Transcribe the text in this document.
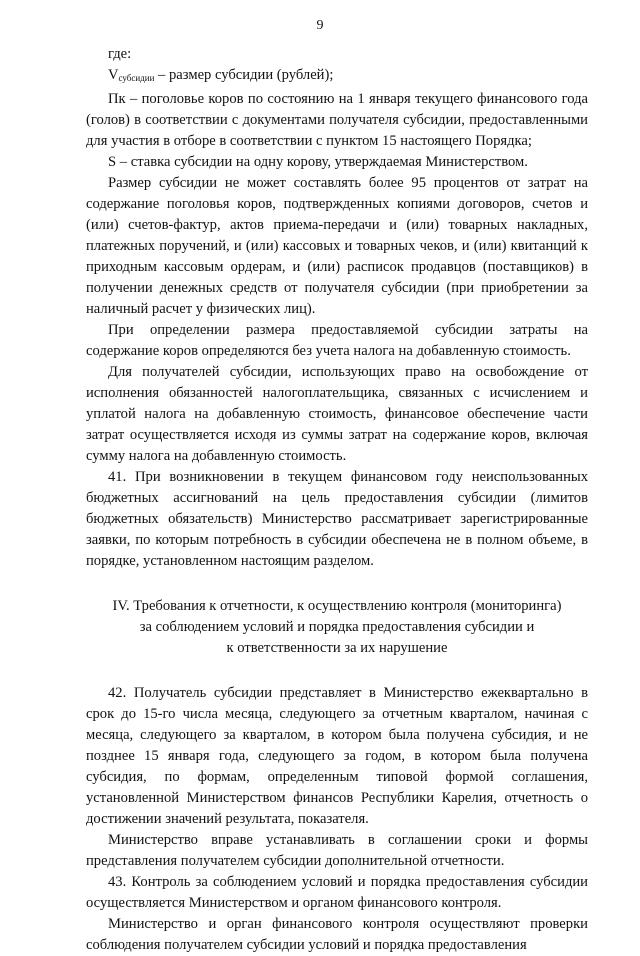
9

где:

$V_{субсидии}$ – размер субсидии (рублей);

Пк – поголовье коров по состоянию на 1 января текущего финансового года (голов) в соответствии с документами получателя субсидии, предоставленными для участия в отборе в соответствии с пунктом 15 настоящего Порядка;

S – ставка субсидии на одну корову, утверждаемая Министерством.

Размер субсидии не может составлять более 95 процентов от затрат на содержание поголовья коров, подтвержденных копиями договоров, счетов и (или) счетов-фактур, актов приема-передачи и (или) товарных накладных, платежных поручений, и (или) кассовых и товарных чеков, и (или) квитанций к приходным кассовым ордерам, и (или) расписок продавцов (поставщиков) в получении денежных средств от получателя субсидии (при приобретении за наличный расчет у физических лиц).

При определении размера предоставляемой субсидии затраты на содержание коров определяются без учета налога на добавленную стоимость.

Для получателей субсидии, использующих право на освобождение от исполнения обязанностей налогоплательщика, связанных с исчислением и уплатой налога на добавленную стоимость, финансовое обеспечение части затрат осуществляется исходя из суммы затрат на содержание коров, включая сумму налога на добавленную стоимость.

41. При возникновении в текущем финансовом году неиспользованных бюджетных ассигнований на цель предоставления субсидии (лимитов бюджетных обязательств) Министерство рассматривает зарегистрированные заявки, по которым потребность в субсидии обеспечена не в полном объеме, в порядке, установленном настоящим разделом.

IV. Требования к отчетности, к осуществлению контроля (мониторинга)
за соблюдением условий и порядка предоставления субсидии и
к ответственности за их нарушение

42. Получатель субсидии представляет в Министерство ежеквартально в срок до 15-го числа месяца, следующего за отчетным кварталом, начиная с месяца, следующего за кварталом, в котором была получена субсидия, и не позднее 15 января года, следующего за годом, в котором была получена субсидия, по формам, определенным типовой формой соглашения, установленной Министерством финансов Республики Карелия, отчетность о достижении значений результата, показателя.

Министерство вправе устанавливать в соглашении сроки и формы представления получателем субсидии дополнительной отчетности.

43. Контроль за соблюдением условий и порядка предоставления субсидии осуществляется Министерством и органом финансового контроля.

Министерство и орган финансового контроля осуществляют проверки соблюдения получателем субсидии условий и порядка предоставления
